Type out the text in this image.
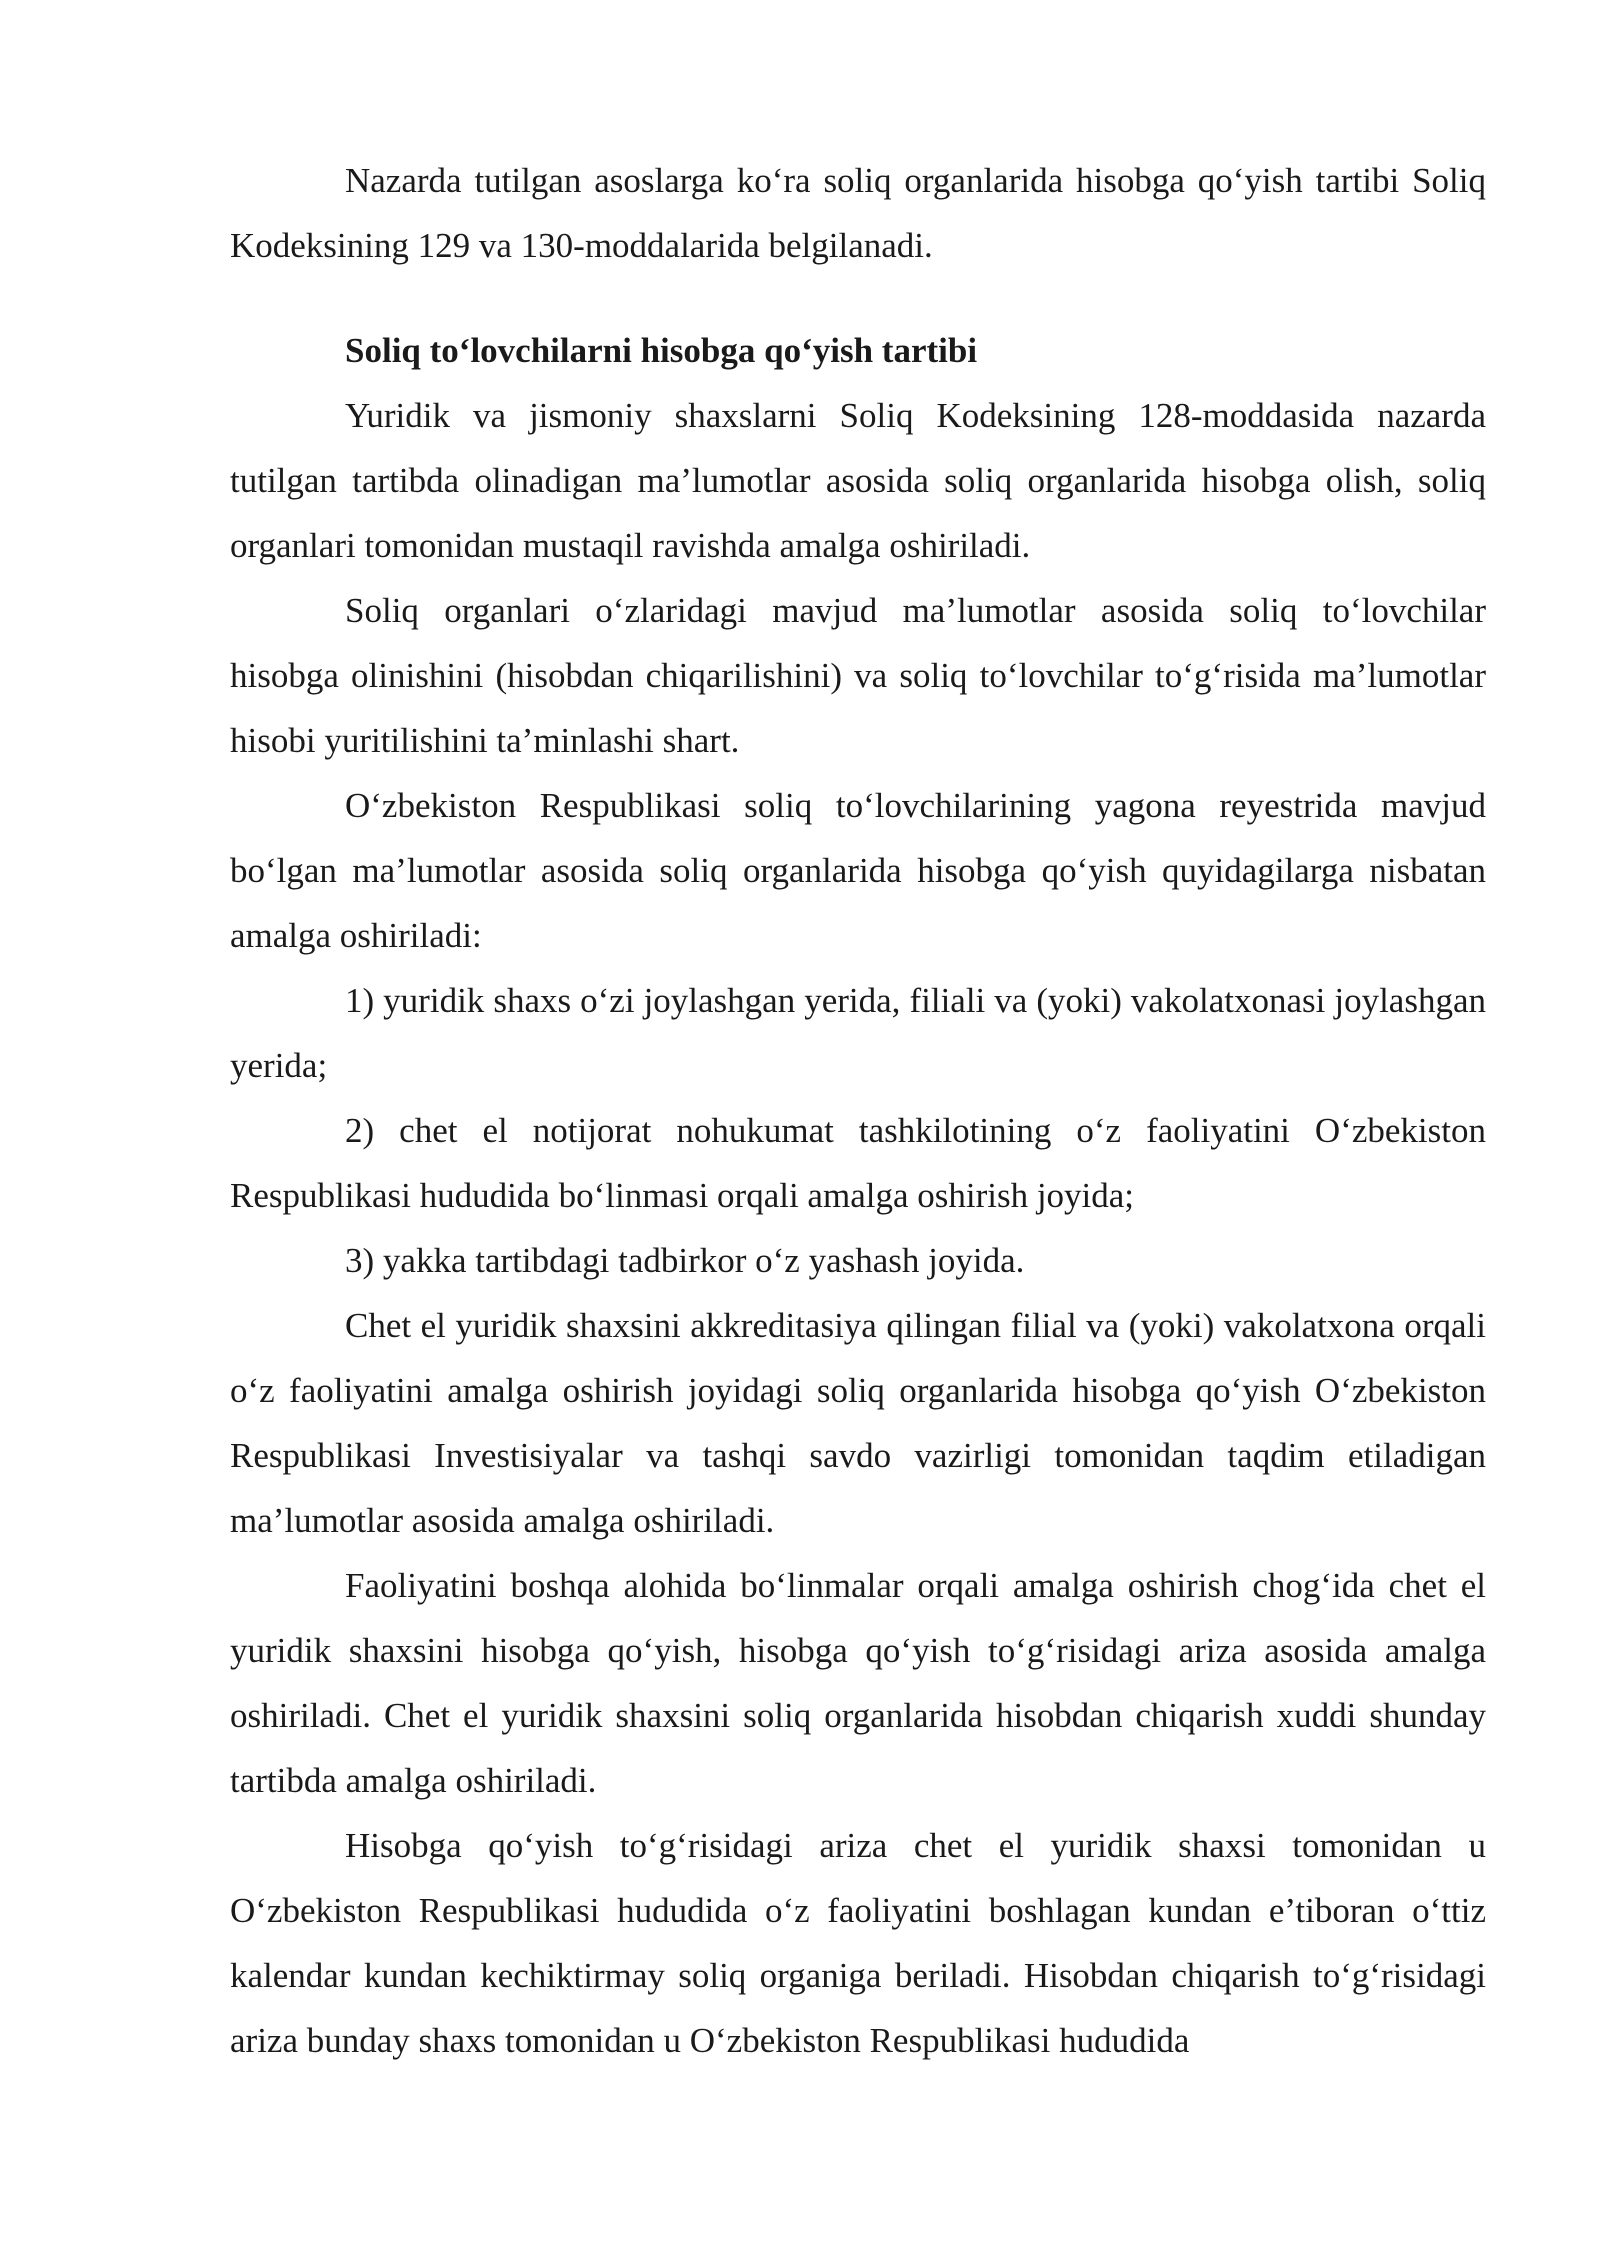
Nazarda tutilgan asoslarga ko‘ra soliq organlarida hisobga qo‘yish tartibi Soliq Kodeksining 129 va 130-moddalarida belgilanadi.

Soliq to‘lovchilarni hisobga qo‘yish tartibi

Yuridik va jismoniy shaxslarni Soliq Kodeksining 128-moddasida nazarda tutilgan tartibda olinadigan ma’lumotlar asosida soliq organlarida hisobga olish, soliq organlari tomonidan mustaqil ravishda amalga oshiriladi.

Soliq organlari o‘zlaridagi mavjud ma’lumotlar asosida soliq to‘lovchilar hisobga olinishini (hisobdan chiqarilishini) va soliq to‘lovchilar to‘g‘risida ma’lumotlar hisobi yuritilishini ta’minlashi shart.

O‘zbekiston Respublikasi soliq to‘lovchilarining yagona reyestrida mavjud bo‘lgan ma’lumotlar asosida soliq organlarida hisobga qo‘yish quyidagilarga nisbatan amalga oshiriladi:

1) yuridik shaxs o‘zi joylashgan yerida, filiali va (yoki) vakolatxonasi joylashgan yerida;

2) chet el notijorat nohukumat tashkilotining o‘z faoliyatini O‘zbekiston Respublikasi hududida bo‘linmasi orqali amalga oshirish joyida;

3) yakka tartibdagi tadbirkor o‘z yashash joyida.

Chet el yuridik shaxsini akkreditasiya qilingan filial va (yoki) vakolatxona orqali o‘z faoliyatini amalga oshirish joyidagi soliq organlarida hisobga qo‘yish O‘zbekiston Respublikasi Investisiyalar va tashqi savdo vazirligi tomonidan taqdim etiladigan ma’lumotlar asosida amalga oshiriladi.

Faoliyatini boshqa alohida bo‘linmalar orqali amalga oshirish chog‘ida chet el yuridik shaxsini hisobga qo‘yish, hisobga qo‘yish to‘g‘risidagi ariza asosida amalga oshiriladi. Chet el yuridik shaxsini soliq organlarida hisobdan chiqarish xuddi shunday tartibda amalga oshiriladi.

Hisobga qo‘yish to‘g‘risidagi ariza chet el yuridik shaxsi tomonidan u O‘zbekiston Respublikasi hududida o‘z faoliyatini boshlagan kundan e’tiboran o‘ttiz kalendar kundan kechiktirmay soliq organiga beriladi. Hisobdan chiqarish to‘g‘risidagi ariza bunday shaxs tomonidan u O‘zbekiston Respublikasi hududida
